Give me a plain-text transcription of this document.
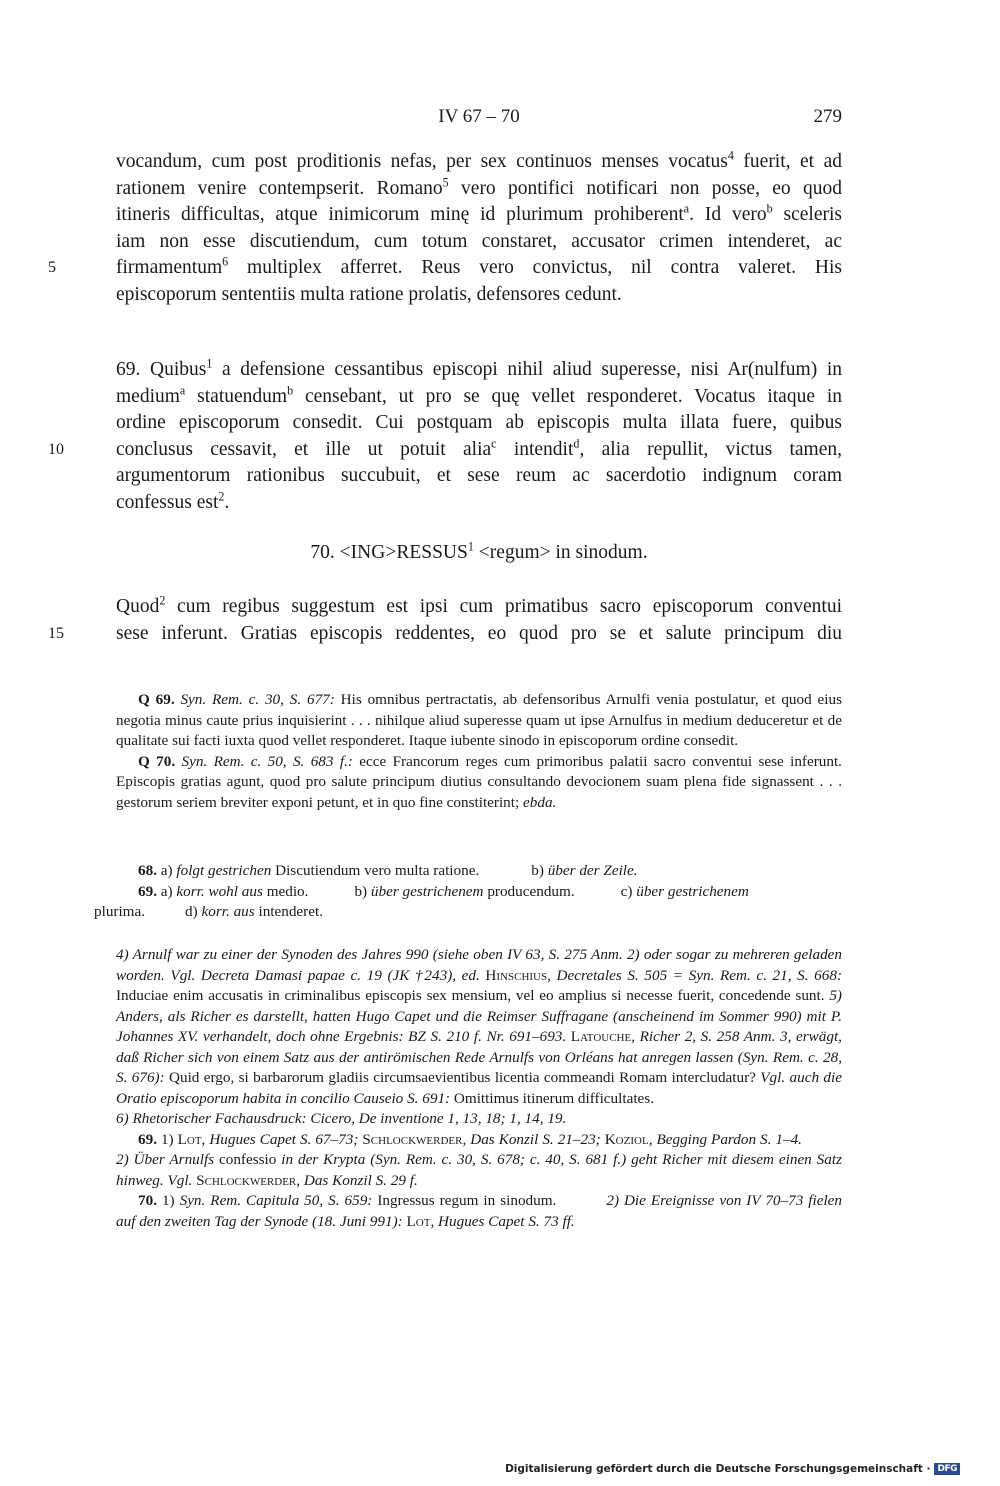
IV 67 – 70	279
vocandum, cum post proditionis nefas, per sex continuos menses vocatus$^4$ fuerit, et ad
rationem venire contempserit. Romano$^5$ vero pontifici notificari non posse, eo quod
itineris difficultas, atque inimicorum minę id plurimum prohiberent$^a$. Id vero$^b$ sceleris
iam non esse discutiendum, cum totum constaret, accusator crimen intenderet, ac
5	firmamentum$^6$ multiplex afferret. Reus vero convictus, nil contra valeret. His
episcoporum sententiis multa ratione prolatis, defensores cedunt.
69. Quibus$^1$ a defensione cessantibus episcopi nihil aliud superesse, nisi Ar(nulfum) in
medium$^a$ statuendum$^b$ censebant, ut pro se quę vellet responderet. Vocatus itaque in
ordine episcoporum consedit. Cui postquam ab episcopis multa illata fuere, quibus
10	conclusus cessavit, et ille ut potuit alia$^c$ intendit$^d$, alia repullit, victus tamen,
argumentorum rationibus succubuit, et sese reum ac sacerdotio indignum coram
confessus est$^2$.
70. $<ING>RESSUS^1$ <regum> in sinodum.
Quod$^2$ cum regibus suggestum est ipsi cum primatibus sacro episcoporum conventui
15	sese inferunt. Gratias episcopis reddentes, eo quod pro se et salute principum diu

Q 69. Syn. Rem. c. 30, S. 677: His omnibus pertractatis, ab defensoribus Arnulfi venia postulatur, et quod eius negotia minus caute prius inquisierint . . . nihilque aliud superesse quam ut ipse Arnulfus in medium deduceretur et de qualitate sui facti iuxta quod vellet responderet. Itaque iubente sinodo in episcoporum ordine consedit.

Q 70. Syn. Rem. c. 50, S. 683 f.: ecce Francorum reges cum primoribus palatii sacro conventui sese inferunt. Episcopis gratias agunt, quod pro salute principum diutius consultando devocionem suam plena fide signassent . . . gestorum seriem breviter exponi petunt, et in quo fine constiterint; ebda.

68. a) folgt gestrichen Discutiendum vero multa ratione.	b) über der Zeile.

69. a) korr. wohl aus medio.	b) über gestrichenem producendum.	c) über gestrichenem
plurima.	d) korr. aus intenderet.

4) Arnulf war zu einer der Synoden des Jahres 990 (siehe oben IV 63, S. 275 Anm. 2) oder sogar zu mehreren geladen worden. Vgl. Decreta Damasi papae c. 19 (JK †243), ed. Hinschius, Decretales S. 505 = Syn. Rem. c. 21, S. 668: Induciae enim accusatis in criminalibus episcopis sex mensium, vel eo amplius si necesse fuerit, concedende sunt. 5) Anders, als Richer es darstellt, hatten Hugo Capet und die Reimser Suffragane (anscheinend im Sommer 990) mit P. Johannes XV. verhandelt, doch ohne Ergebnis: BZ S. 210 f. Nr. 691–693. Latouche, Richer 2, S. 258 Anm. 3, erwägt, daß Richer sich von einem Satz aus der antirömischen Rede Arnulfs von Orléans hat anregen lassen (Syn. Rem. c. 28, S. 676): Quid ergo, si barbarorum gladiis circumsaevientibus licentia commeandi Romam intercludatur? Vgl. auch die Oratio episcoporum habita in concilio Causeio S. 691: Omittimus itinerum difficultates.
6) Rhetorischer Fachausdruck: Cicero, De inventione 1, 13, 18; 1, 14, 19.

69. 1) Lot, Hugues Capet S. 67–73; Schlockwerder, Das Konzil S. 21–23; Koziol, Begging Pardon S. 1–4.2) Über Arnulfs confessio in der Krypta (Syn. Rem. c. 30, S. 678; c. 40, S. 681 f.) geht Richer mit diesem einen Satz hinweg. Vgl. Schlockwerder, Das Konzil S. 29 f.

70. 1) Syn. Rem. Capitula 50, S. 659: Ingressus regum in sinodum.	2) Die Ereignisse von IV 70–73 fielen auf den zweiten Tag der Synode (18. Juni 991): Lot, Hugues Capet S. 73 ff.

Digitalisierung gefördert durch die Deutsche Forschungsgemeinschaft · DFG
